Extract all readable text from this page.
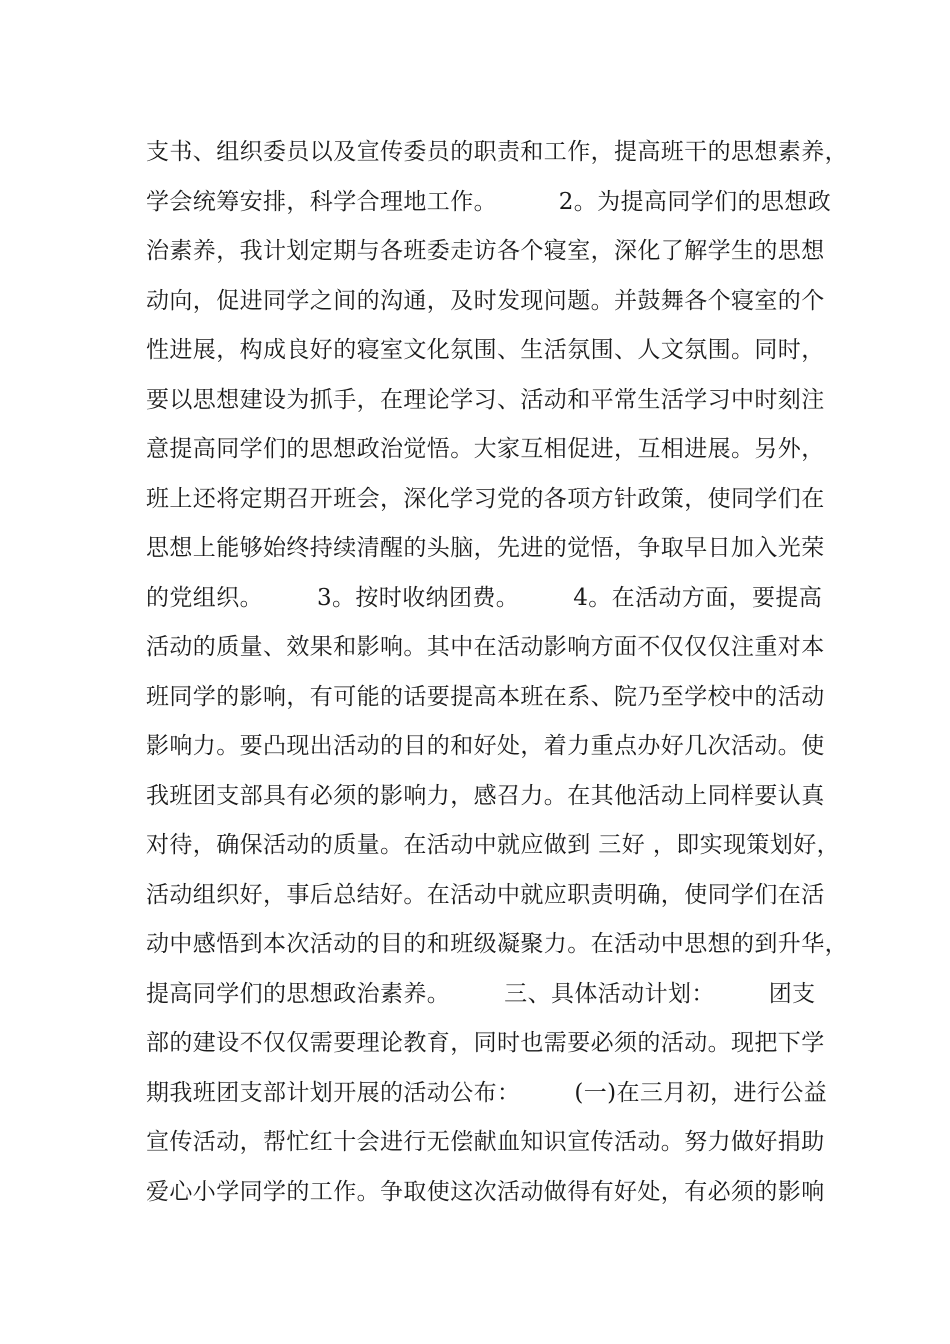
支书、组织委员以及宣传委员的职责和工作，提高班干的思想素养，
学会统筹安排，科学合理地工作。        2。为提高同学们的思想政
治素养，我计划定期与各班委走访各个寝室，深化了解学生的思想
动向，促进同学之间的沟通，及时发现问题。并鼓舞各个寝室的个
性进展，构成良好的寝室文化氛围、生活氛围、人文氛围。同时，
要以思想建设为抓手，在理论学习、活动和平常生活学习中时刻注
意提高同学们的思想政治觉悟。大家互相促进，互相进展。另外，
班上还将定期召开班会，深化学习党的各项方针政策，使同学们在
思想上能够始终持续清醒的头脑，先进的觉悟，争取早日加入光荣
的党组织。       3。按时收纳团费。       4。在活动方面，要提高
活动的质量、效果和影响。其中在活动影响方面不仅仅仅注重对本
班同学的影响，有可能的话要提高本班在系、院乃至学校中的活动
影响力。要凸现出活动的目的和好处，着力重点办好几次活动。使
我班团支部具有必须的影响力，感召力。在其他活动上同样要认真
对待，确保活动的质量。在活动中就应做到 三好 ，即实现策划好，
活动组织好，事后总结好。在活动中就应职责明确，使同学们在活
动中感悟到本次活动的目的和班级凝聚力。在活动中思想的到升华，
提高同学们的思想政治素养。       三、具体活动计划：       团支
部的建设不仅仅需要理论教育，同时也需要必须的活动。现把下学
期我班团支部计划开展的活动公布：       (一)在三月初，进行公益
宣传活动，帮忙红十会进行无偿献血知识宣传活动。努力做好捐助
爱心小学同学的工作。争取使这次活动做得有好处，有必须的影响
